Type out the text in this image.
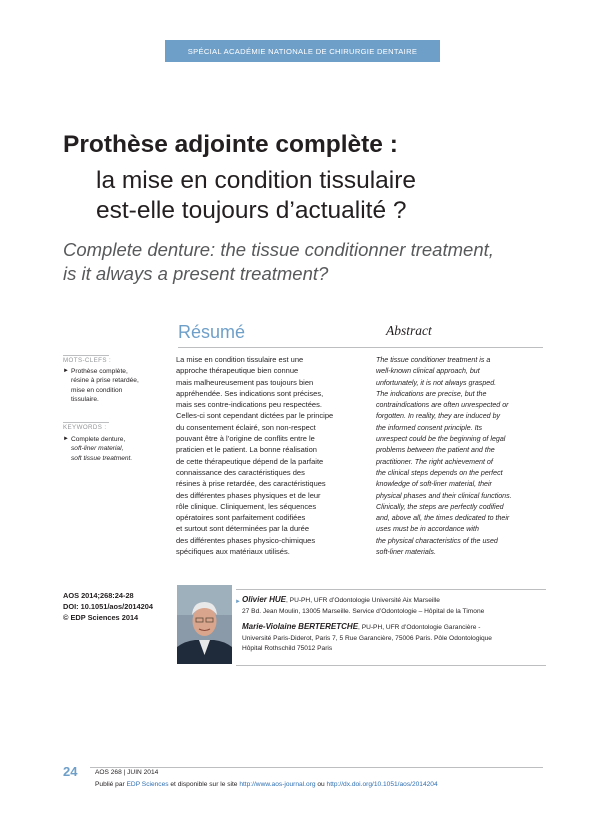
SPÉCIAL ACADÉMIE NATIONALE DE CHIRURGIE DENTAIRE
Prothèse adjointe complète :
la mise en condition tissulaire
est-elle toujours d’actualité ?
Complete denture: the tissue conditionner treatment,
is it always a present treatment?
Résumé	Abstract
MOTS-CLEFS :
► Prothèse complète,
résine à prise retardée,
mise en condition
tissulaire.
KEYWORDS :
► Complete denture,
soft-liner material,
soft tissue treatment.
La mise en condition tissulaire est une
approche thérapeutique bien connue
mais malheureusement pas toujours bien
appréhendée. Ses indications sont précises,
mais ses contre-indications peu respectées.
Celles-ci sont cependant dictées par le principe
du consentement éclairé, son non-respect
pouvant être à l’origine de conflits entre le
praticien et le patient. La bonne réalisation
de cette thérapeutique dépend de la parfaite
connaissance des caractéristiques des
résines à prise retardée, des caractéristiques
des différentes phases physiques et de leur
rôle clinique. Cliniquement, les séquences
opératoires sont parfaitement codifiées
et surtout sont déterminées par la durée
des différentes phases physico-chimiques
spécifiques aux matériaux utilisés.
The tissue conditioner treatment is a
well-known clinical approach, but
unfortunately, it is not always grasped.
The indications are precise, but the
contraindications are often unrespected or
forgotten. In reality, they are induced by
the informed consent principle. Its
unrespect could be the beginning of legal
problems between the patient and the
practitioner. The right achievement of
the clinical steps depends on the perfect
knowledge of soft-liner material, their
physical phases and their clinical functions.
Clinically, the steps are perfectly codified
and, above all, the times dedicated to their
uses must be in accordance with
the physical characteristics of the used
soft-liner materials.
AOS 2014;268:24-28
DOI: 10.1051/aos/2014204
© EDP Sciences 2014
► Olivier HUE, PU-PH, UFR d’Odontologie Université Aix Marseille
27 Bd. Jean Moulin, 13005 Marseille. Service d’Odontologie – Hôpital de la Timone
Marie-Violaine BERTERETCHE, PU-PH, UFR d’Odontologie Garancière -
Université Paris-Diderot, Paris 7, 5 Rue Garancière, 75006 Paris. Pôle Odontologique
Hôpital Rothschild 75012 Paris
24	AOS 268 | JUIN 2014
Publié par EDP Sciences et disponible sur le site http://www.aos-journal.org ou http://dx.doi.org/10.1051/aos/2014204
